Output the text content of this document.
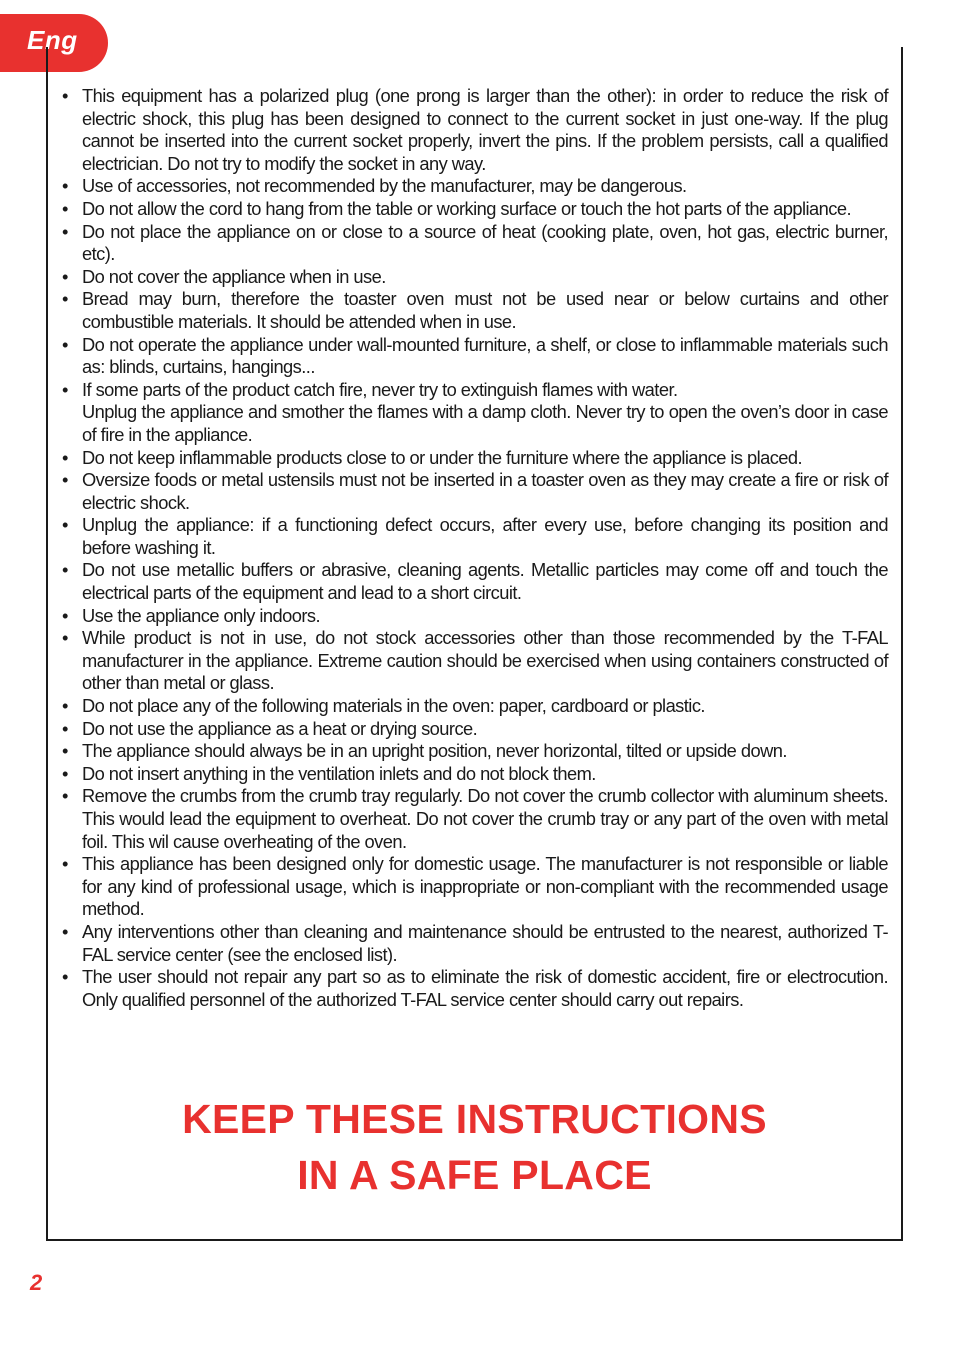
Eng
• This equipment has a polarized plug (one prong is larger than the other): in order to reduce the risk of electric shock, this plug has been designed to connect to the current socket in just one-way. If the plug cannot be inserted into the current socket properly, invert the pins. If the problem persists, call a qualified electrician. Do not try to modify the socket in any way.
• Use of accessories, not recommended by the manufacturer, may be dangerous.
• Do not allow the cord to hang from the table or working surface or touch the hot parts of the appliance.
• Do not place the appliance on or close to a source of heat (cooking plate, oven, hot gas, electric burner, etc).
• Do not cover the appliance when in use.
• Bread may burn, therefore the toaster oven must not be used near or below curtains and other combustible materials. It should be attended when in use.
• Do not operate the appliance under wall-mounted furniture, a shelf, or close to inflammable materials such as: blinds, curtains, hangings...
• If some parts of the product catch fire, never try to extinguish flames with water.
Unplug the appliance and smother the flames with a damp cloth. Never try to open the oven’s door in case of fire in the appliance.
• Do not keep inflammable products close to or under the furniture where the appliance is placed.
• Oversize foods or metal ustensils must not be inserted in a toaster oven as they may create a fire or risk of electric shock.
• Unplug the appliance: if a functioning defect occurs, after every use, before changing its position and before washing it.
• Do not use metallic buffers or abrasive, cleaning agents. Metallic particles may come off and touch the electrical parts of the equipment and lead to a short circuit.
• Use the appliance only indoors.
• While product is not in use, do not stock accessories other than those recommended by the T-FAL manufacturer in the appliance. Extreme caution should be exercised when using containers constructed of other than metal or glass.
• Do not place any of the following materials in the oven: paper, cardboard or plastic.
• Do not use the appliance as a heat or drying source.
• The appliance should always be in an upright position, never horizontal, tilted or upside down.
• Do not insert anything in the ventilation inlets and do not block them.
• Remove the crumbs from the crumb tray regularly. Do not cover the crumb collector with aluminum sheets. This would lead the equipment to overheat. Do not cover the crumb tray or any part of the oven with metal foil. This wil cause overheating of the oven.
• This appliance has been designed only for domestic usage. The manufacturer is not responsible or liable for any kind of professional usage, which is inappropriate or non-compliant with the recommended usage method.
• Any interventions other than cleaning and maintenance should be entrusted to the nearest, authorized T-FAL service center (see the enclosed list).
• The user should not repair any part so as to eliminate the risk of domestic accident, fire or electrocution. Only qualified personnel of the authorized T-FAL service center should carry out repairs.
KEEP THESE INSTRUCTIONS
IN A SAFE PLACE
2
